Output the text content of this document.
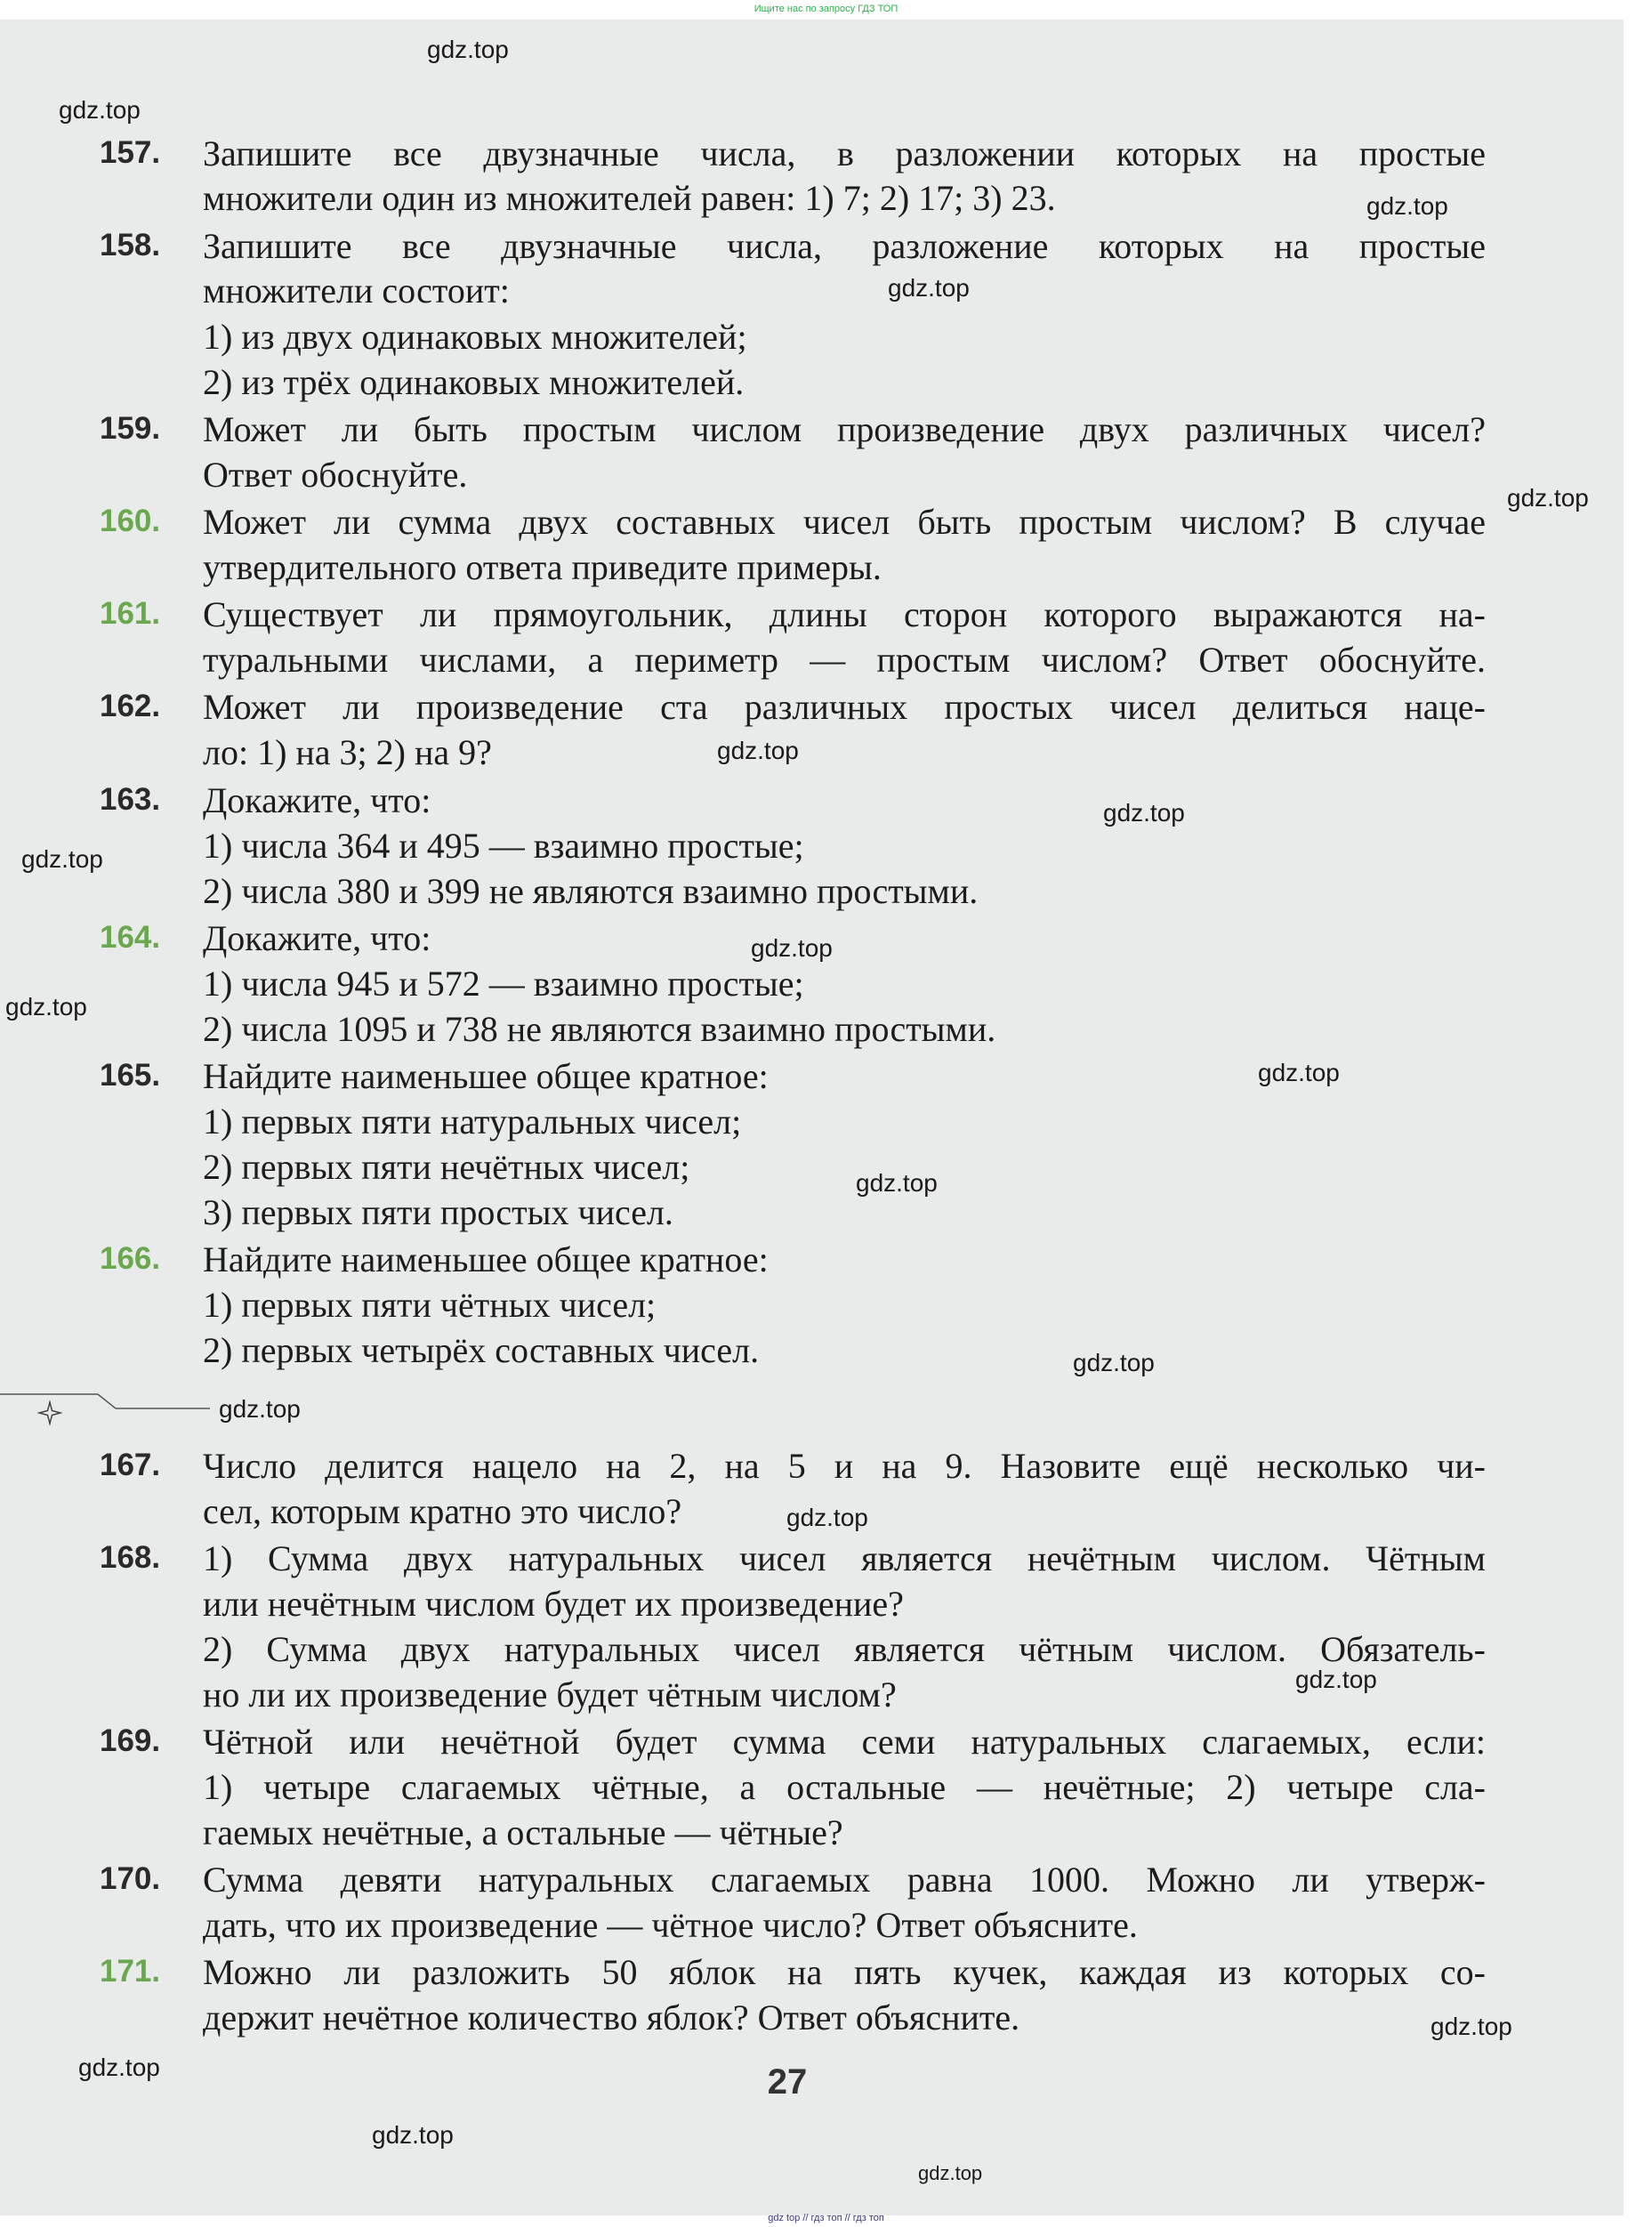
Ищите нас по запросу ГДЗ ТОП
157.	Запишите все двузначные числа, в разложении которых на простые
множители один из множителей равен: 1) 7; 2) 17; 3) 23.
158.	Запишите все двузначные числа, разложение которых на простые
множители состоит:
1) из двух одинаковых множителей;
2) из трёх одинаковых множителей.
159.	Может ли быть простым числом произведение двух различных чисел?
Ответ обоснуйте.
160.	Может ли сумма двух составных чисел быть простым числом? В случае
утвердительного ответа приведите примеры.
161.	Существует ли прямоугольник, длины сторон которого выражаются на-
туральными числами, а периметр — простым числом? Ответ обоснуйте.
162.	Может ли произведение ста различных простых чисел делиться наце-
ло: 1) на 3; 2) на 9?
163.	Докажите, что:
1) числа 364 и 495 — взаимно простые;
2) числа 380 и 399 не являются взаимно простыми.
164.	Докажите, что:
1) числа 945 и 572 — взаимно простые;
2) числа 1095 и 738 не являются взаимно простыми.
165.	Найдите наименьшее общее кратное:
1) первых пяти натуральных чисел;
2) первых пяти нечётных чисел;
3) первых пяти простых чисел.
166.	Найдите наименьшее общее кратное:
1) первых пяти чётных чисел;
2) первых четырёх составных чисел.
167.	Число делится нацело на 2, на 5 и на 9. Назовите ещё несколько чи-
сел, которым кратно это число?
168.	1) Сумма двух натуральных чисел является нечётным числом. Чётным
или нечётным числом будет их произведение?
2) Сумма двух натуральных чисел является чётным числом. Обязатель-
но ли их произведение будет чётным числом?
169.	Чётной или нечётной будет сумма семи натуральных слагаемых, если:
1) четыре слагаемых чётные, а остальные — нечётные; 2) четыре сла-
гаемых нечётные, а остальные — чётные?
170.	Сумма девяти натуральных слагаемых равна 1000. Можно ли утверж-
дать, что их произведение — чётное число? Ответ объясните.
171.	Можно ли разложить 50 яблок на пять кучек, каждая из которых со-
держит нечётное количество яблок? Ответ объясните.
27
gdz.top
gdz.top
gdz.top
gdz.top
gdz.top
gdz.top
gdz.top
gdz.top
gdz.top
gdz.top
gdz.top
gdz.top
gdz.top
gdz.top
gdz.top
gdz.top
gdz.top
gdz.top
gdz.top
gdz.top
gdz top // гдз топ // гдз топ
